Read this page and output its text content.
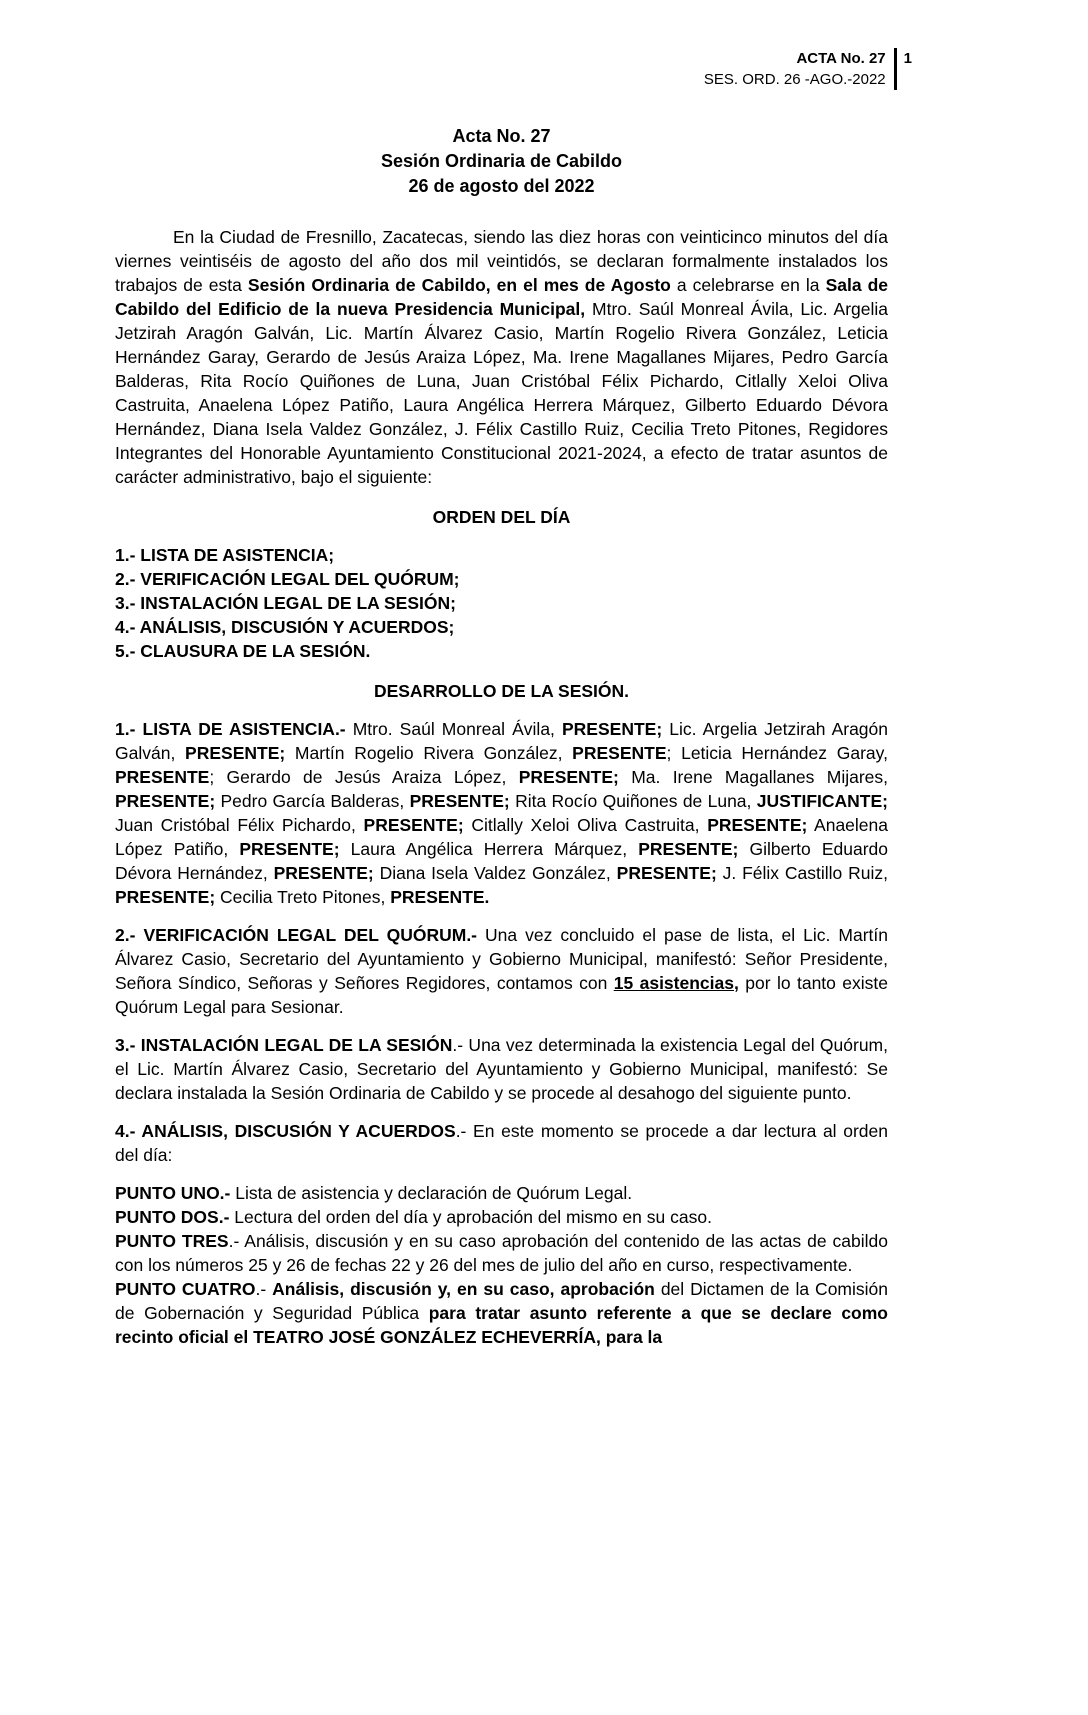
ACTA No. 27
SES. ORD. 26 -AGO.-2022
1
Acta No. 27
Sesión Ordinaria de Cabildo
26 de agosto del 2022

En la Ciudad de Fresnillo, Zacatecas, siendo las diez horas con veinticinco minutos del día viernes veintiséis de agosto del año dos mil veintidós, se declaran formalmente instalados los trabajos de esta Sesión Ordinaria de Cabildo, en el mes de Agosto a celebrarse en la Sala de Cabildo del Edificio de la nueva Presidencia Municipal, Mtro. Saúl Monreal Ávila, Lic. Argelia Jetzirah Aragón Galván, Lic. Martín Álvarez Casio, Martín Rogelio Rivera González, Leticia Hernández Garay, Gerardo de Jesús Araiza López, Ma. Irene Magallanes Mijares, Pedro García Balderas, Rita Rocío Quiñones de Luna, Juan Cristóbal Félix Pichardo, Citlally Xeloi Oliva Castruita, Anaelena López Patiño, Laura Angélica Herrera Márquez, Gilberto Eduardo Dévora Hernández, Diana Isela Valdez González, J. Félix Castillo Ruiz, Cecilia Treto Pitones, Regidores Integrantes del Honorable Ayuntamiento Constitucional 2021-2024, a efecto de tratar asuntos de carácter administrativo, bajo el siguiente:

ORDEN DEL DÍA
1.- LISTA DE ASISTENCIA;
2.- VERIFICACIÓN LEGAL DEL QUÓRUM;
3.- INSTALACIÓN LEGAL DE LA SESIÓN;
4.- ANÁLISIS, DISCUSIÓN Y ACUERDOS;
5.- CLAUSURA DE LA SESIÓN.
DESARROLLO DE LA SESIÓN.

1.- LISTA DE ASISTENCIA.- Mtro. Saúl Monreal Ávila, PRESENTE; Lic. Argelia Jetzirah Aragón Galván, PRESENTE; Martín Rogelio Rivera González, PRESENTE; Leticia Hernández Garay, PRESENTE; Gerardo de Jesús Araiza López, PRESENTE; Ma. Irene Magallanes Mijares, PRESENTE; Pedro García Balderas, PRESENTE; Rita Rocío Quiñones de Luna, JUSTIFICANTE; Juan Cristóbal Félix Pichardo, PRESENTE; Citlally Xeloi Oliva Castruita, PRESENTE; Anaelena López Patiño, PRESENTE; Laura Angélica Herrera Márquez, PRESENTE; Gilberto Eduardo Dévora Hernández, PRESENTE; Diana Isela Valdez González, PRESENTE; J. Félix Castillo Ruiz, PRESENTE; Cecilia Treto Pitones, PRESENTE.

2.- VERIFICACIÓN LEGAL DEL QUÓRUM.- Una vez concluido el pase de lista, el Lic. Martín Álvarez Casio, Secretario del Ayuntamiento y Gobierno Municipal, manifestó: Señor Presidente, Señora Síndico, Señoras y Señores Regidores, contamos con 15 asistencias, por lo tanto existe Quórum Legal para Sesionar.

3.- INSTALACIÓN LEGAL DE LA SESIÓN.- Una vez determinada la existencia Legal del Quórum, el Lic. Martín Álvarez Casio, Secretario del Ayuntamiento y Gobierno Municipal, manifestó: Se declara instalada la Sesión Ordinaria de Cabildo y se procede al desahogo del siguiente punto.

4.- ANÁLISIS, DISCUSIÓN Y ACUERDOS.- En este momento se procede a dar lectura al orden del día:

PUNTO UNO.- Lista de asistencia y declaración de Quórum Legal.

PUNTO DOS.- Lectura del orden del día y aprobación del mismo en su caso.

PUNTO TRES.- Análisis, discusión y en su caso aprobación del contenido de las actas de cabildo con los números 25 y 26 de fechas 22 y 26 del mes de julio del año en curso, respectivamente.

PUNTO CUATRO.- Análisis, discusión y, en su caso, aprobación del Dictamen de la Comisión de Gobernación y Seguridad Pública para tratar asunto referente a que se declare como recinto oficial el TEATRO JOSÉ GONZÁLEZ ECHEVERRÍA, para la
